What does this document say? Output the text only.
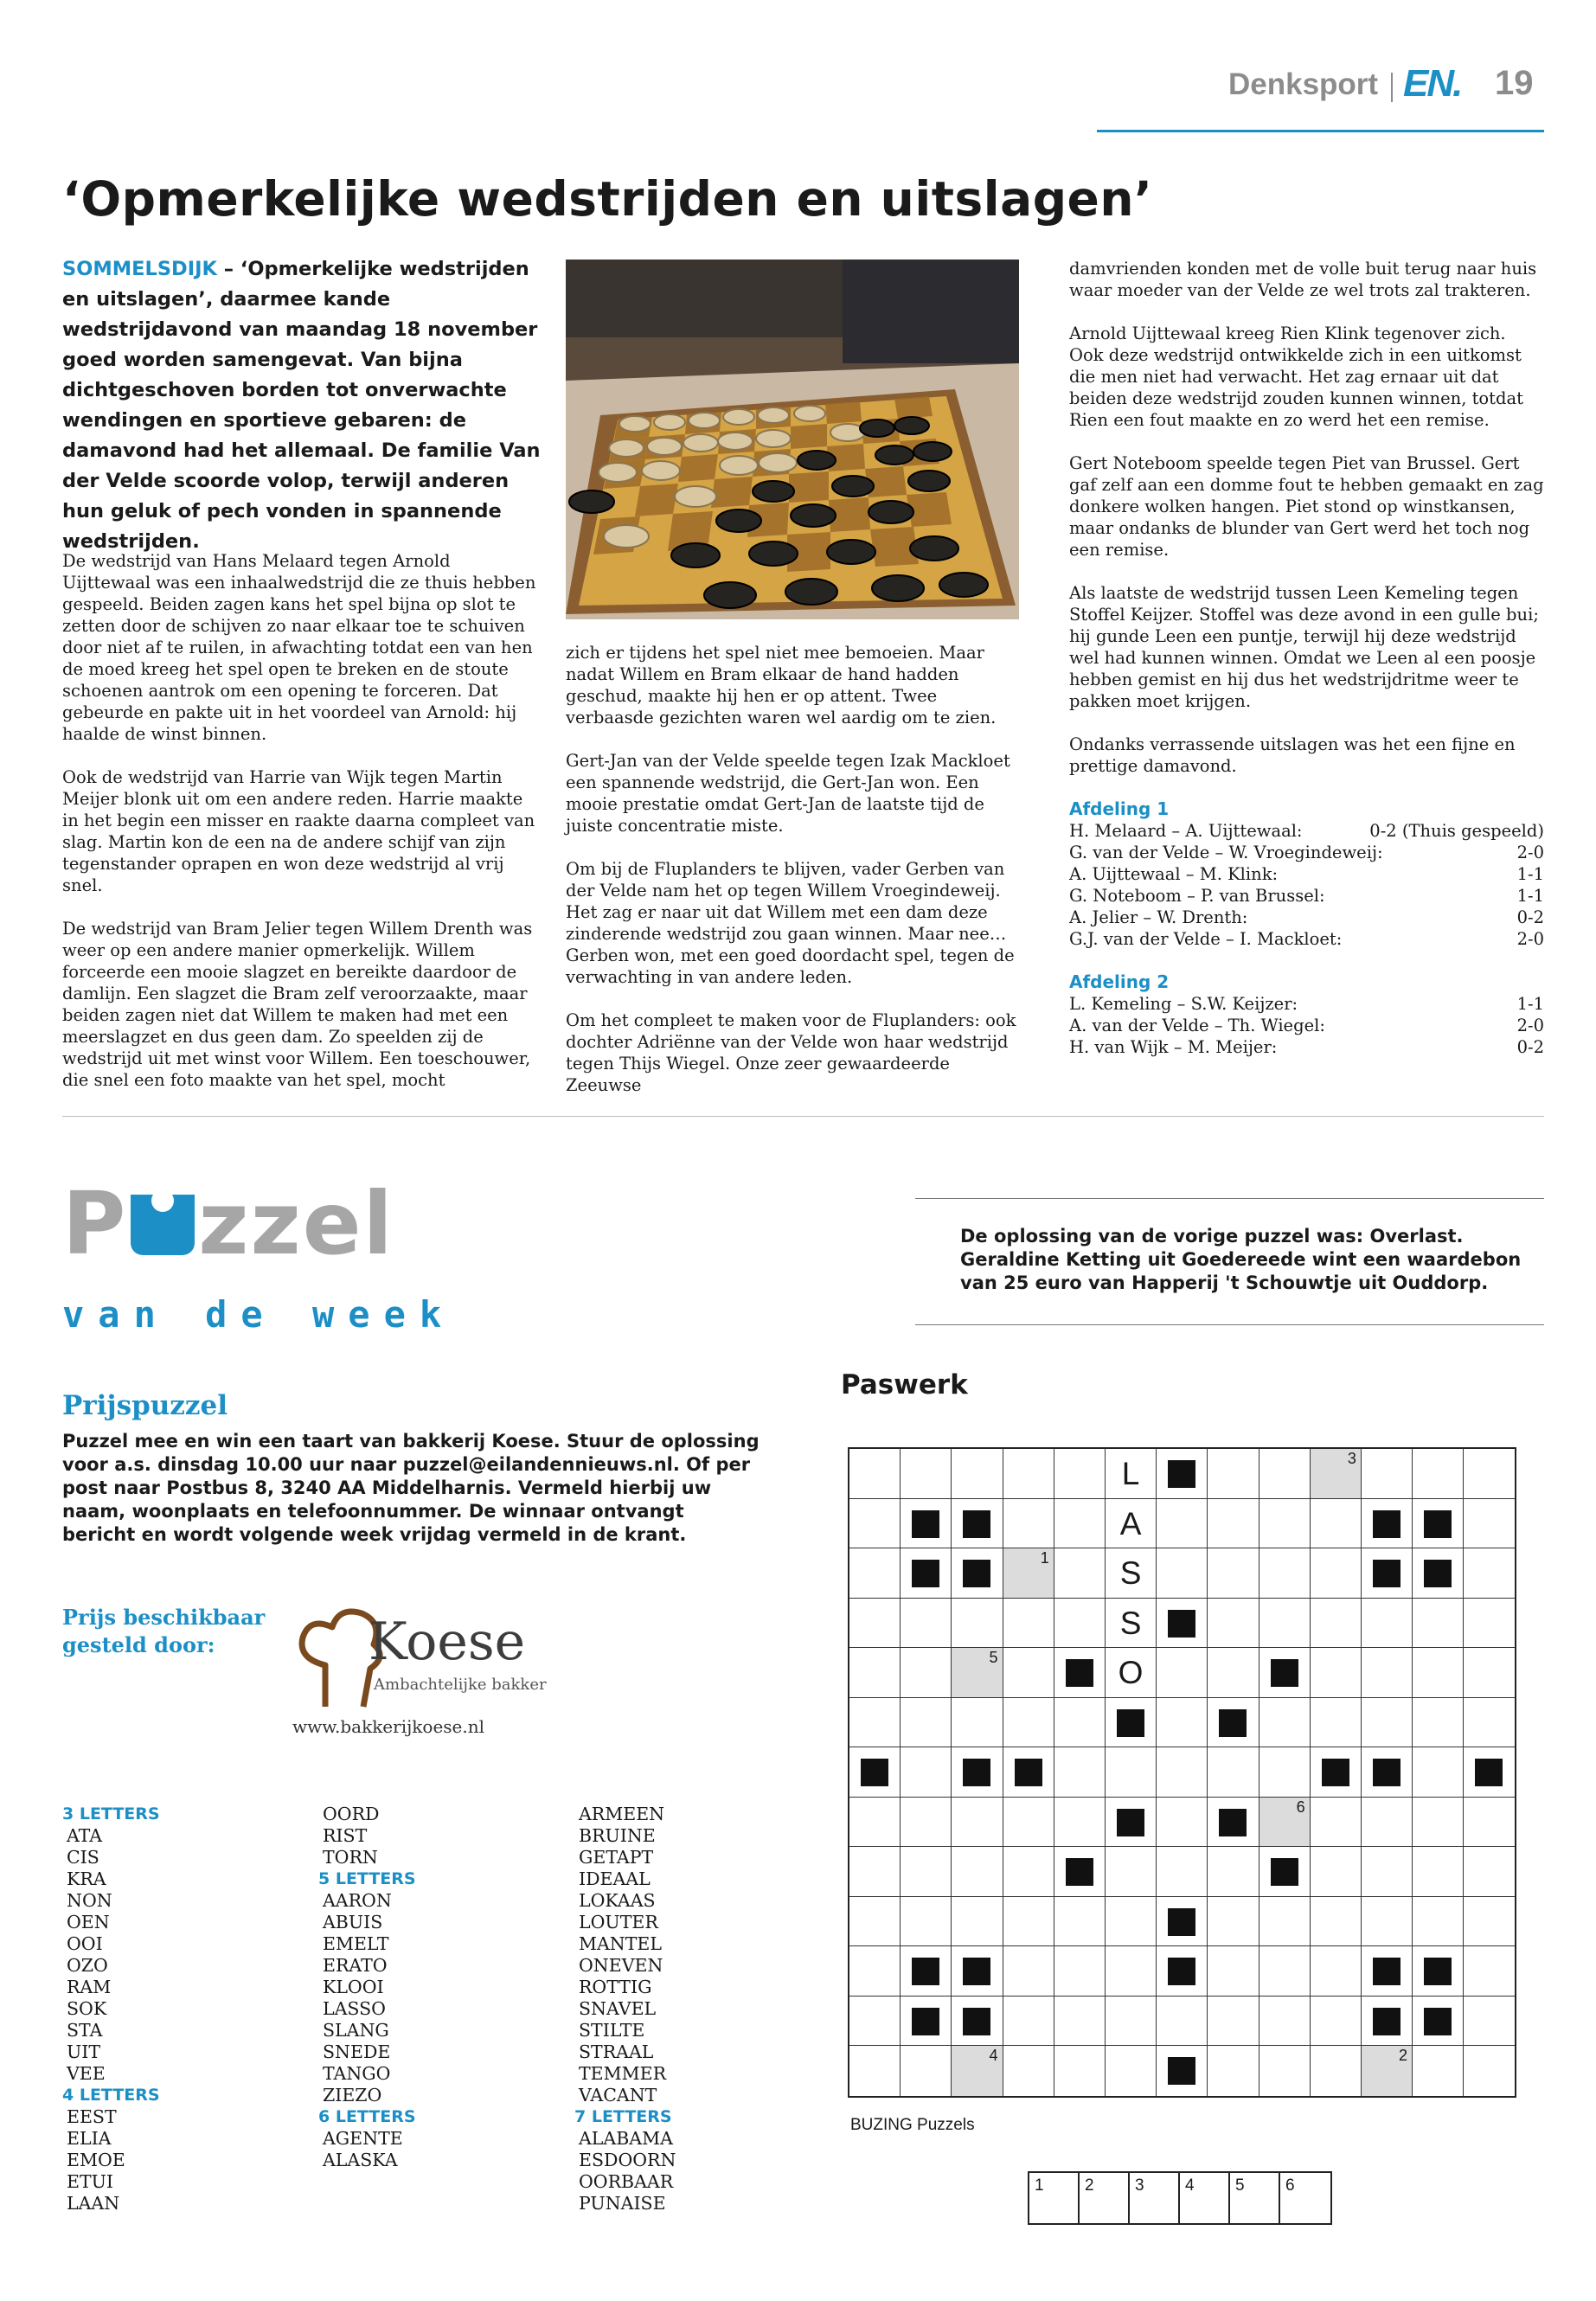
Denksport EN. 19
‘Opmerkelijke wedstrijden en uitslagen’
SOMMELSDIJK – ‘Opmerkelijke wedstrijden en uitslagen’, daarmee kande wedstrijdavond van maandag 18 november goed worden samengevat. Van bijna dichtgeschoven borden tot onverwachte wendingen en sportieve gebaren: de damavond had het allemaal. De familie Van der Velde scoorde volop, terwijl anderen hun geluk of pech vonden in spannende wedstrijden.

De wedstrijd van Hans Melaard tegen Arnold Uijttewaal was een inhaalwedstrijd die ze thuis hebben gespeeld. Beiden zagen kans het spel bijna op slot te zetten door de schijven zo naar elkaar toe te schuiven door niet af te ruilen, in afwachting totdat een van hen de moed kreeg het spel open te breken en de stoute schoenen aantrok om een opening te forceren. Dat gebeurde en pakte uit in het voordeel van Arnold: hij haalde de winst binnen.

Ook de wedstrijd van Harrie van Wijk tegen Martin Meijer blonk uit om een andere reden. Harrie maakte in het begin een misser en raakte daarna compleet van slag. Martin kon de een na de andere schijf van zijn tegenstander oprapen en won deze wedstrijd al vrij snel.

De wedstrijd van Bram Jelier tegen Willem Drenth was weer op een andere manier opmerkelijk. Willem forceerde een mooie slagzet en bereikte daardoor de damlijn. Een slagzet die Bram zelf veroorzaakte, maar beiden zagen niet dat Willem te maken had met een meerslagzet en dus geen dam. Zo speelden zij de wedstrijd uit met winst voor Willem. Een toeschouwer, die snel een foto maakte van het spel, mocht

zich er tijdens het spel niet mee bemoeien. Maar nadat Willem en Bram elkaar de hand hadden geschud, maakte hij hen er op attent. Twee verbaasde gezichten waren wel aardig om te zien.

Gert-Jan van der Velde speelde tegen Izak Mackloet een spannende wedstrijd, die Gert-Jan won. Een mooie prestatie omdat Gert-Jan de laatste tijd de juiste concentratie miste.

Om bij de Fluplanders te blijven, vader Gerben van der Velde nam het op tegen Willem Vroegindeweij. Het zag er naar uit dat Willem met een dam deze zinderende wedstrijd zou gaan winnen. Maar nee… Gerben won, met een goed doordacht spel, tegen de verwachting in van andere leden.

Om het compleet te maken voor de Fluplanders: ook dochter Adriënne van der Velde won haar wedstrijd tegen Thijs Wiegel. Onze zeer gewaardeerde Zeeuwse

damvrienden konden met de volle buit terug naar huis waar moeder van der Velde ze wel trots zal trakteren.

Arnold Uijttewaal kreeg Rien Klink tegenover zich. Ook deze wedstrijd ontwikkelde zich in een uitkomst die men niet had verwacht. Het zag ernaar uit dat beiden deze wedstrijd zouden kunnen winnen, totdat Rien een fout maakte en zo werd het een remise.

Gert Noteboom speelde tegen Piet van Brussel. Gert gaf zelf aan een domme fout te hebben gemaakt en zag donkere wolken hangen. Piet stond op winstkansen, maar ondanks de blunder van Gert werd het toch nog een remise.

Als laatste de wedstrijd tussen Leen Kemeling tegen Stoffel Keijzer. Stoffel was deze avond in een gulle bui; hij gunde Leen een puntje, terwijl hij deze wedstrijd wel had kunnen winnen. Omdat we Leen al een poosje hebben gemist en hij dus het wedstrijdritme weer te pakken moet krijgen.

Ondanks verrassende uitslagen was het een fijne en prettige damavond.

Afdeling 1
H. Melaard – A. Uijttewaal:	0-2 (Thuis gespeeld)
G. van der Velde – W. Vroegindeweij:	2-0
A. Uijttewaal – M. Klink:	1-1
G. Noteboom – P. van Brussel:	1-1
A. Jelier – W. Drenth:	0-2
G.J. van der Velde – I. Mackloet:	2-0
Afdeling 2
L. Kemeling – S.W. Keijzer:	1-1
A. van der Velde – Th. Wiegel:	2-0
H. van Wijk – M. Meijer:	0-2
P zzel
van de week
De oplossing van de vorige puzzel was: Overlast.
Geraldine Ketting uit Goedereede wint een waardebon
van 25 euro van Happerij 't Schouwtje uit Ouddorp.
Prijspuzzel
Puzzel mee en win een taart van bakkerij Koese. Stuur de oplossing voor a.s. dinsdag 10.00 uur naar puzzel@eilandennieuws.nl. Of per post naar Postbus 8, 3240 AA Middelharnis. Vermeld hierbij uw naam, woonplaats en telefoonnummer. De winnaar ontvangt bericht en wordt volgende week vrijdag vermeld in de krant.
Prijs beschikbaar gesteld door:	Koese
Ambachtelijke bakker
www.bakkerijkoese.nl
3 LETTERS
ATA
CIS
KRA
NON
OEN
OOI
OZO
RAM
SOK
STA
UIT
VEE
4 LETTERS
EEST
ELIA
EMOE
ETUI
LAAN
OORD
RIST
TORN
5 LETTERS
AARON
ABUIS
EMELT
ERATO
KLOOI
LASSO
SLANG
SNEDE
TANGO
ZIEZO
6 LETTERS
AGENTE
ALASKA
ARMEEN
BRUINE
GETAPT
IDEAAL
LOKAAS
LOUTER
MANTEL
ONEVEN
ROTTIG
SNAVEL
STILTE
STRAAL
TEMMER
VACANT
7 LETTERS
ALABAMA
ESDOORN
OORBAAR
PUNAISE
Paswerk
L	3
A
1	S
S
5	O
6
4	2
BUZING Puzzels
1	2	3	4	5	6
